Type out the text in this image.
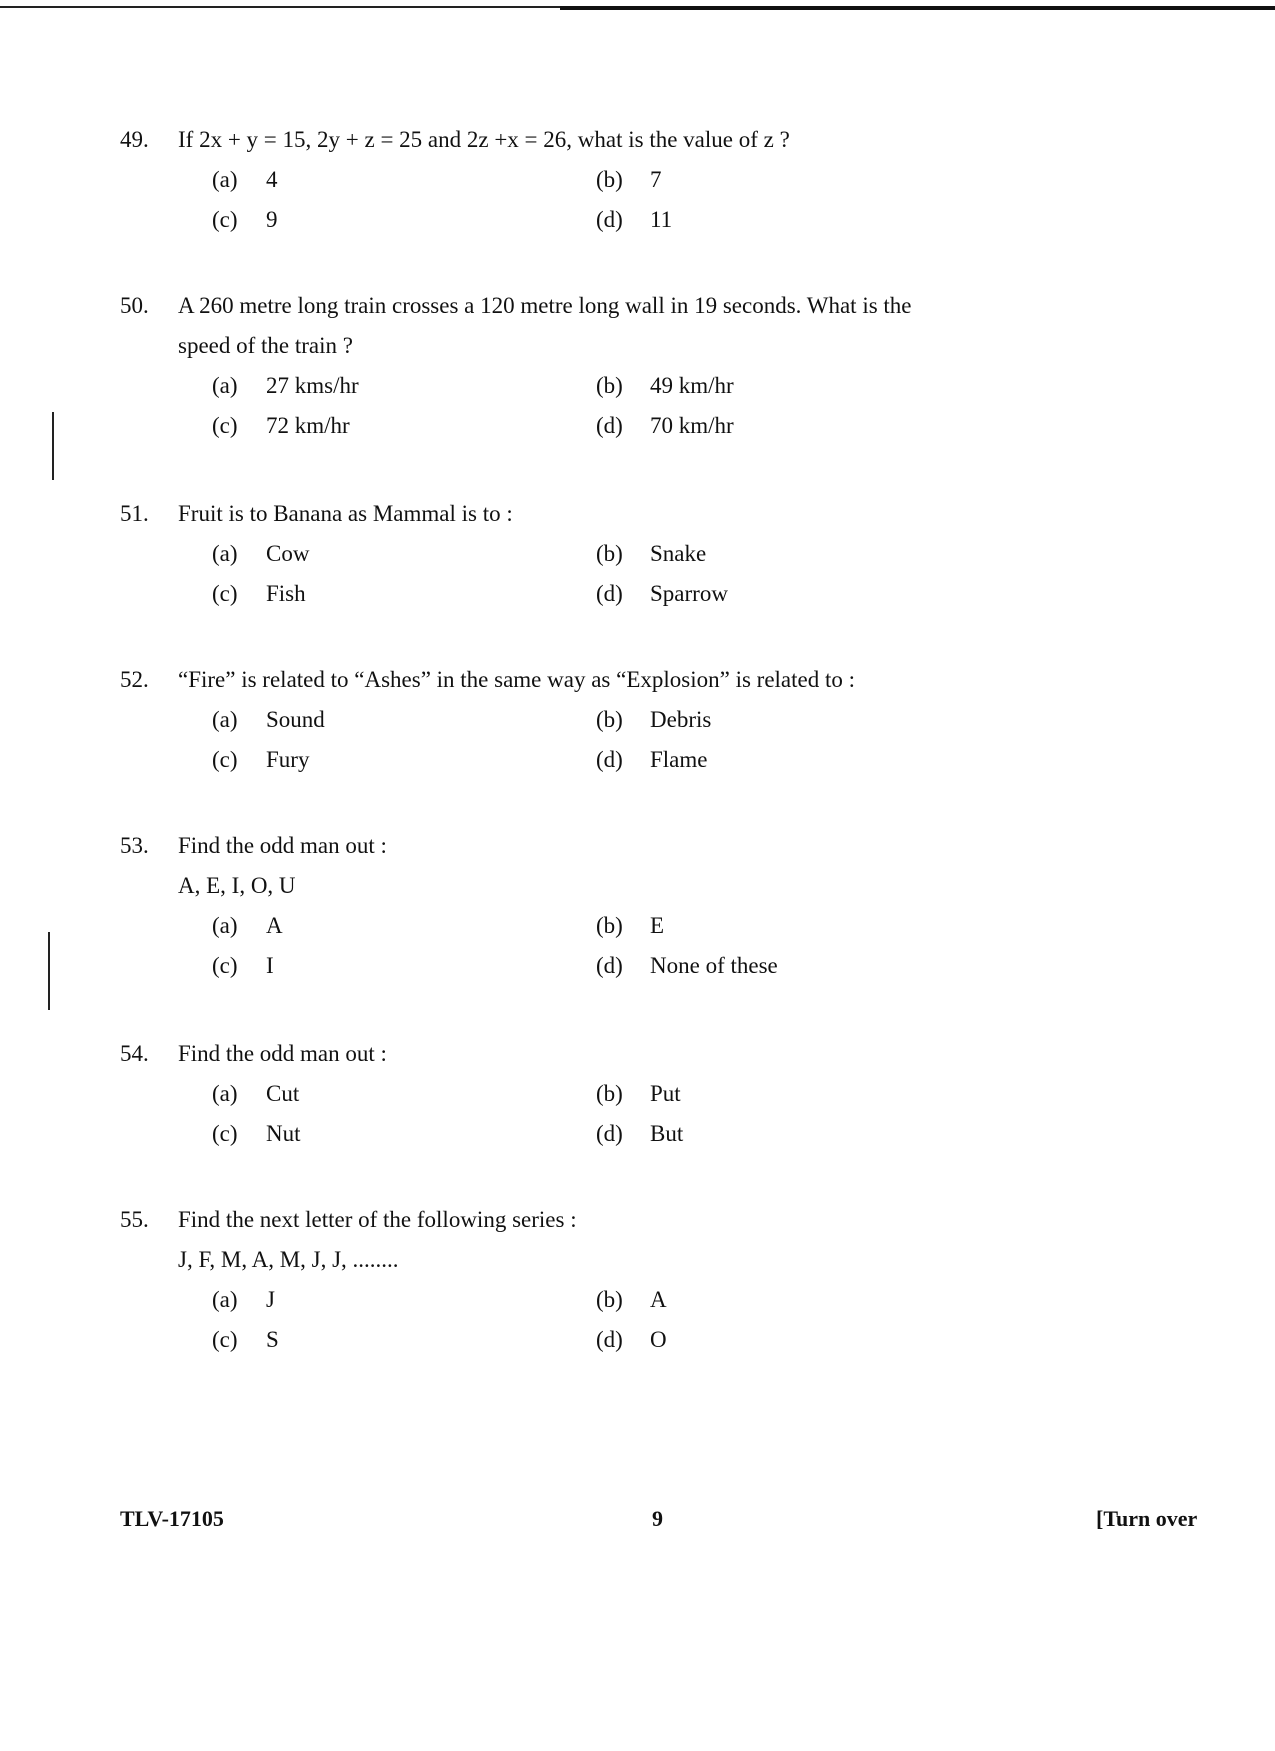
49.	If 2x + y = 15, 2y + z = 25 and 2z +x = 26, what is the value of z ?
(a) 4	(b) 7
(c) 9	(d) 11
50.	A 260 metre long train crosses a 120 metre long wall in 19 seconds. What is the
speed of the train ?
(a) 27 kms/hr	(b) 49 km/hr
(c) 72 km/hr	(d) 70 km/hr
51.	Fruit is to Banana as Mammal is to :
(a) Cow	(b) Snake
(c) Fish	(d) Sparrow
52.	“Fire” is related to “Ashes” in the same way as “Explosion” is related to :
(a) Sound	(b) Debris
(c) Fury	(d) Flame
53.	Find the odd man out :
A, E, I, O, U
(a) A	(b) E
(c) I	(d) None of these
54.	Find the odd man out :
(a) Cut	(b) Put
(c) Nut	(d) But
55.	Find the next letter of the following series :
J, F, M, A, M, J, J, ........
(a) J	(b) A
(c) S	(d) O
TLV-17105	9	[Turn over
